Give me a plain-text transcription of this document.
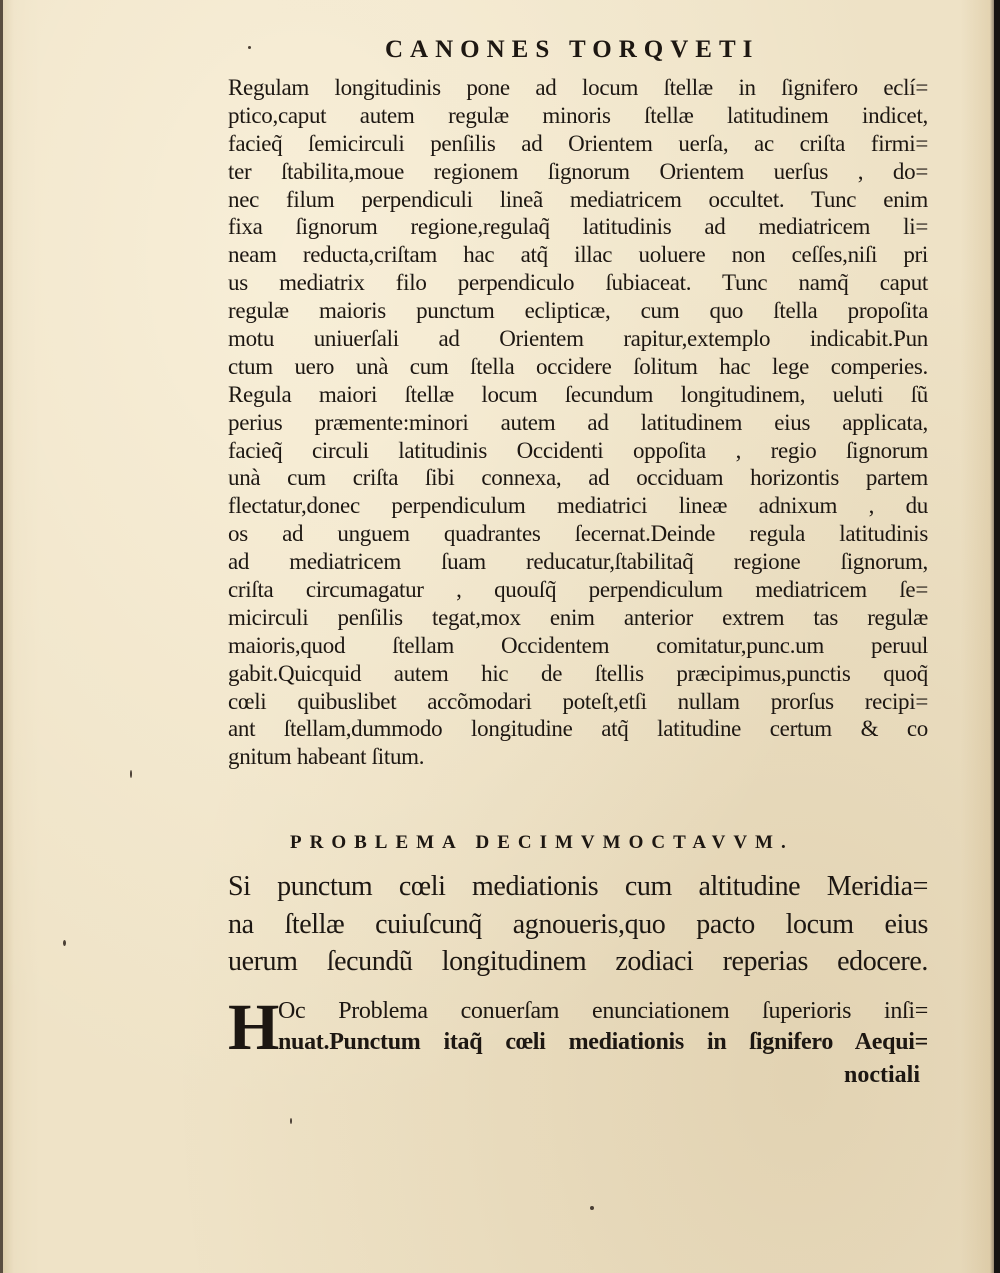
CANONES TORQVETI
Regulam longitudinis pone ad locum ſtellæ in ſignifero eclí=
ptico,caput autem regulæ minoris ſtellæ latitudinem indicet,
facieq̃ ſemicirculi penſilis ad Orientem uerſa, ac criſta firmi=
ter ſtabilita,moue regionem ſignorum Orientem uerſus , do=
nec filum perpendiculi lineã mediatricem occultet. Tunc enim
fixa ſignorum regione,regulaq̃ latitudinis ad mediatricem li=
neam reducta,criſtam hac atq̃ illac uoluere non ceſſes,niſi pri
us mediatrix filo perpendiculo ſubiaceat. Tunc namq̃ caput
regulæ maioris punctum eclipticæ, cum quo ſtella propoſita
motu uniuerſali ad Orientem rapitur,extemplo indicabit.Pun
ctum uero unà cum ſtella occidere ſolitum hac lege comperies.
Regula maiori ſtellæ locum ſecundum longitudinem, ueluti ſũ
perius præmente:minori autem ad latitudinem eius applicata,
facieq̃ circuli latitudinis Occidenti oppoſita , regio ſignorum
unà cum criſta ſibi connexa, ad occiduam horizontis partem
flectatur,donec perpendiculum mediatrici lineæ adnixum , du
os ad unguem quadrantes ſecernat.Deinde regula latitudinis
ad mediatricem ſuam reducatur,ſtabilitaq̃ regione ſignorum,
criſta circumagatur , quouſq̃ perpendiculum mediatricem ſe=
micirculi penſilis tegat,mox enim anterior extrem tas regulæ
maioris,quod ſtellam Occidentem comitatur,punc.um peruul
gabit.Quicquid autem hic de ſtellis præcipimus,punctis quoq̃
cœli quibuslibet accõmodari poteſt,etſi nullam prorſus recipi=
ant ſtellam,dummodo longitudine atq̃ latitudine certum & co
gnitum habeant ſitum.
PROBLEMA DECIMVMOCTAVVM.
Si punctum cœli mediationis cum altitudine Meridia=
na ſtellæ cuiuſcunq̃ agnoueris,quo pacto locum eius
uerum ſecundũ longitudinem zodiaci reperias edocere.
H
Oc Problema conuerſam enunciationem ſuperioris inſi=
nuat.Punctum itaq̃ cœli mediationis in ſignifero Aequi=
noctiali
